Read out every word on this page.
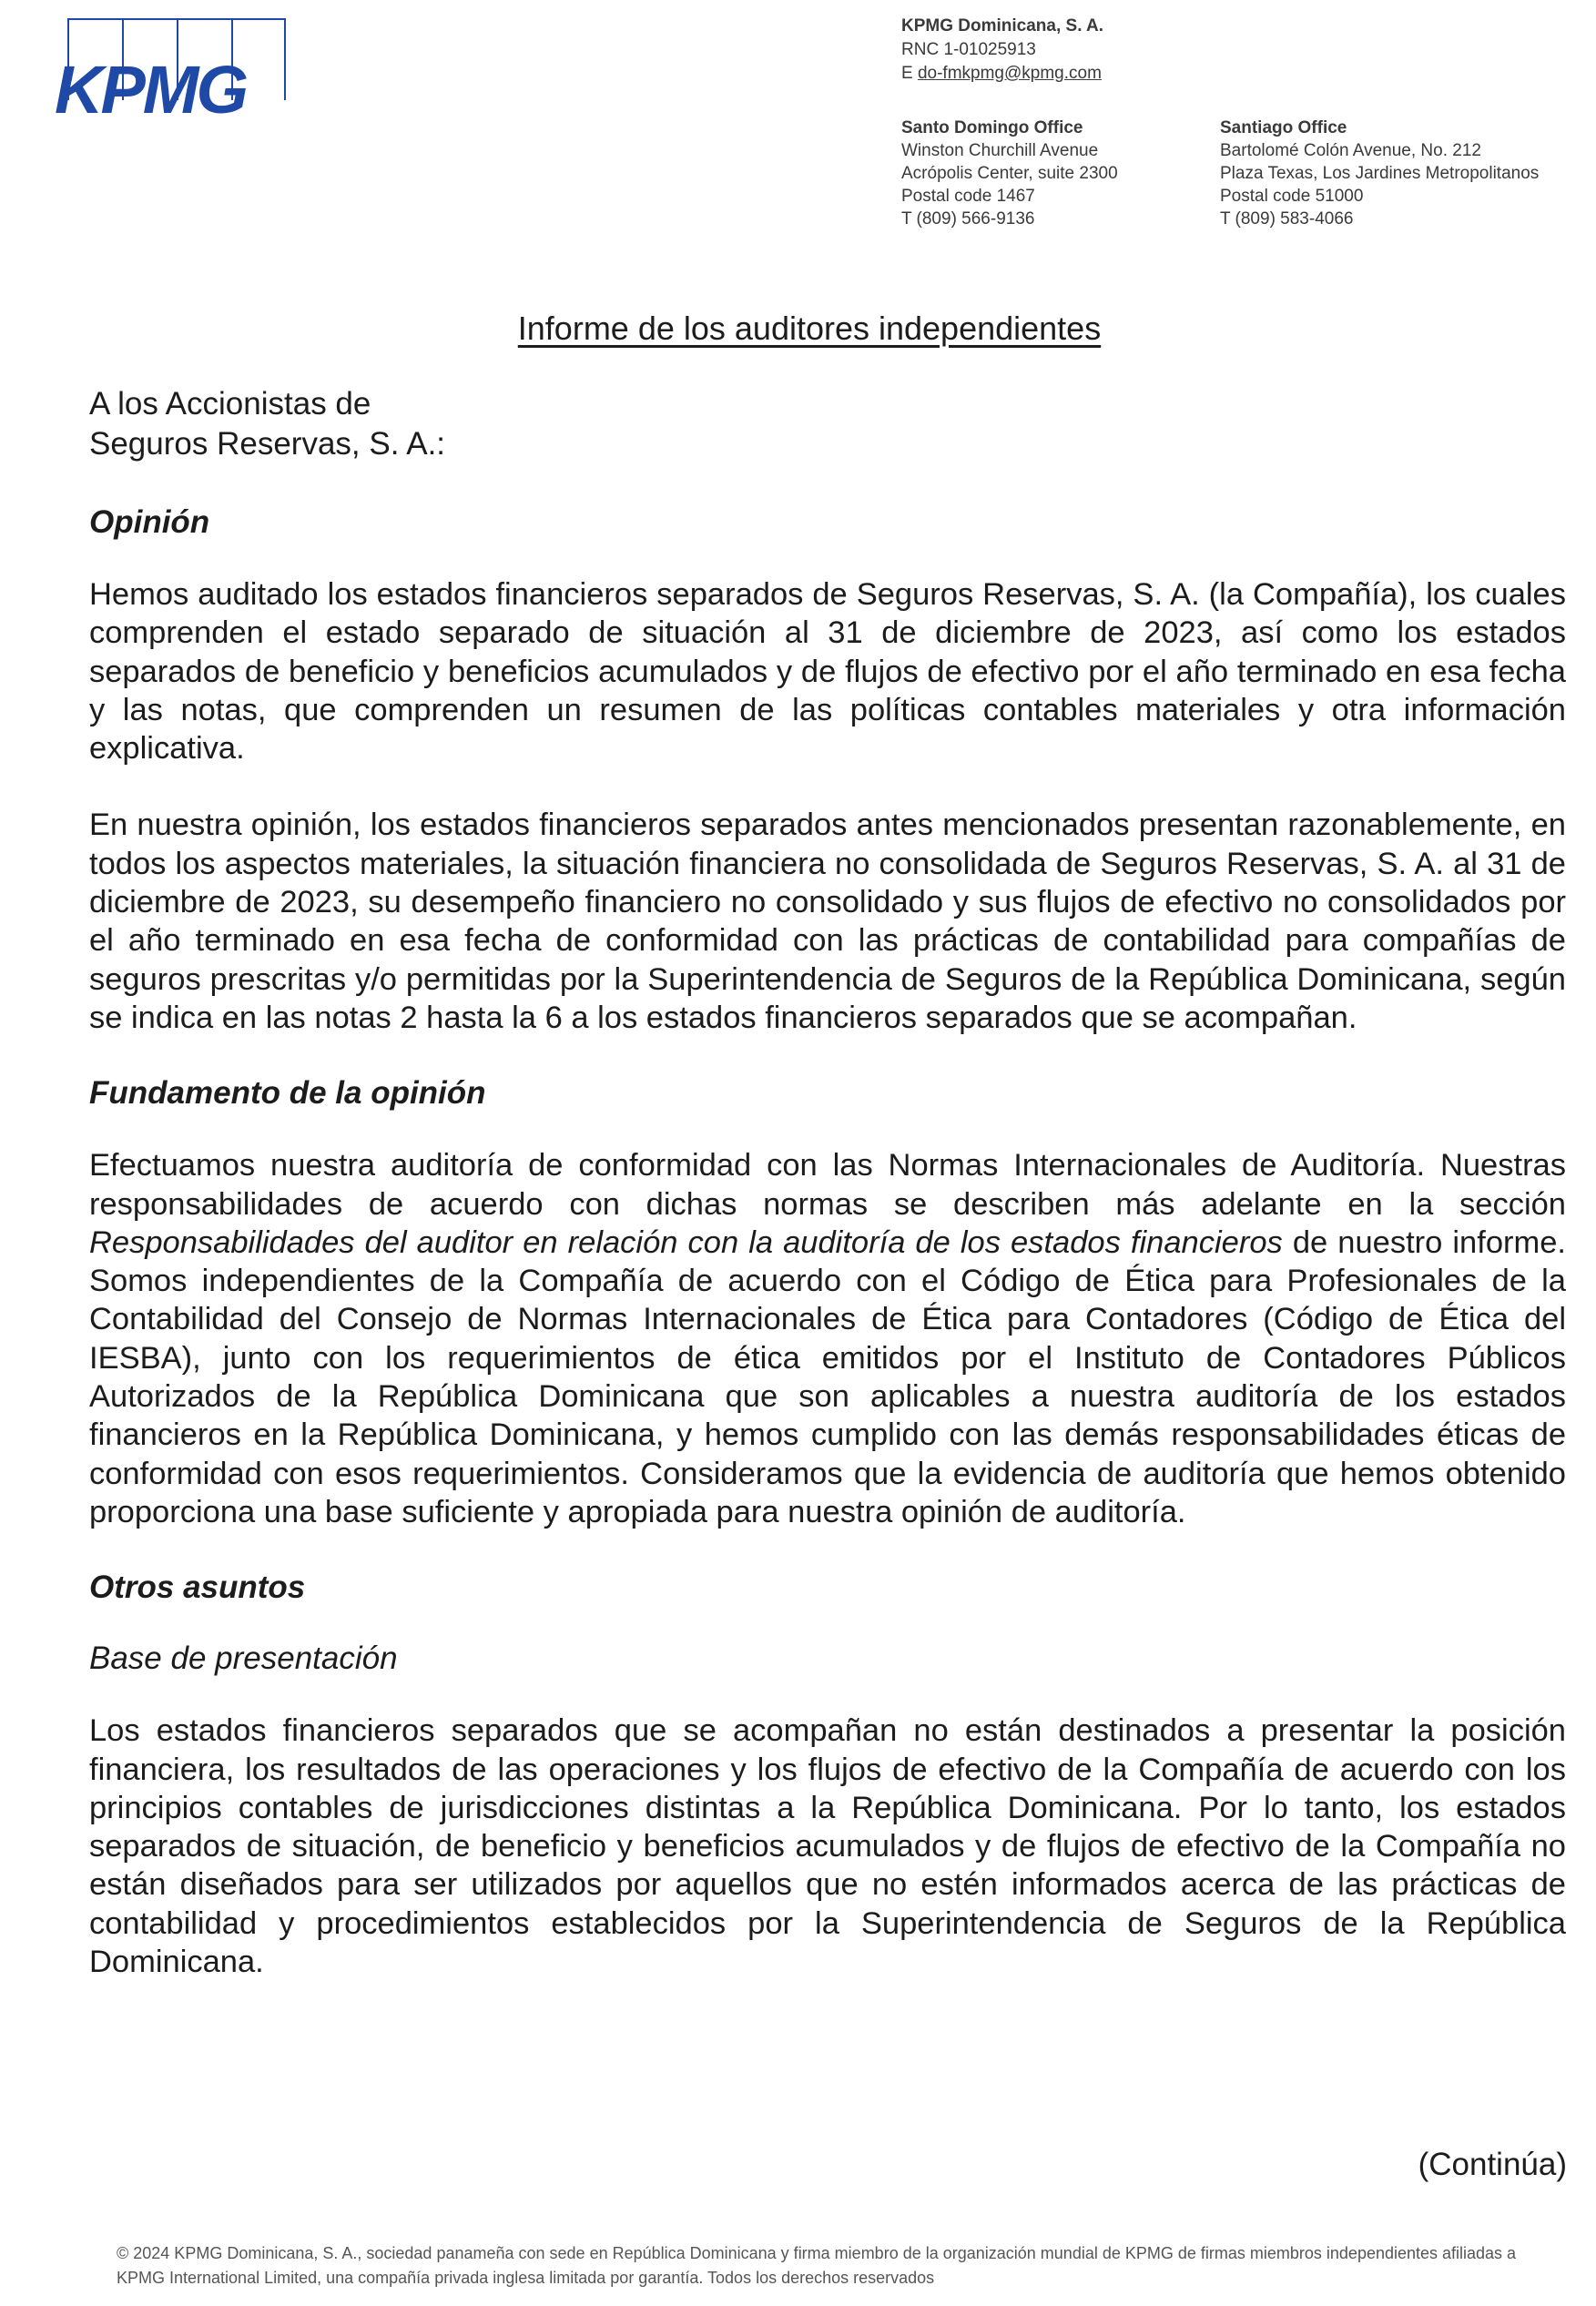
KPMG
KPMG Dominicana, S. A.
RNC 1-01025913
E do-fmkpmg@kpmg.com
Santo Domingo Office
Winston Churchill Avenue
Acrópolis Center, suite 2300
Postal code 1467
T (809) 566-9136
Santiago Office
Bartolomé Colón Avenue, No. 212
Plaza Texas, Los Jardines Metropolitanos
Postal code 51000
T (809) 583-4066
Informe de los auditores independientes
A los Accionistas de
Seguros Reservas, S. A.:
Opinión

Hemos auditado los estados financieros separados de Seguros Reservas, S. A. (la Compañía), los cuales comprenden el estado separado de situación al 31 de diciembre de 2023, así como los estados separados de beneficio y beneficios acumulados y de flujos de efectivo por el año terminado en esa fecha y las notas, que comprenden un resumen de las políticas contables materiales y otra información explicativa.

En nuestra opinión, los estados financieros separados antes mencionados presentan razonablemente, en todos los aspectos materiales, la situación financiera no consolidada de Seguros Reservas, S. A. al 31 de diciembre de 2023, su desempeño financiero no consolidado y sus flujos de efectivo no consolidados por el año terminado en esa fecha de conformidad con las prácticas de contabilidad para compañías de seguros prescritas y/o permitidas por la Superintendencia de Seguros de la República Dominicana, según se indica en las notas 2 hasta la 6 a los estados financieros separados que se acompañan.

Fundamento de la opinión

Efectuamos nuestra auditoría de conformidad con las Normas Internacionales de Auditoría. Nuestras responsabilidades de acuerdo con dichas normas se describen más adelante en la sección Responsabilidades del auditor en relación con la auditoría de los estados financieros de nuestro informe. Somos independientes de la Compañía de acuerdo con el Código de Ética para Profesionales de la Contabilidad del Consejo de Normas Internacionales de Ética para Contadores (Código de Ética del IESBA), junto con los requerimientos de ética emitidos por el Instituto de Contadores Públicos Autorizados de la República Dominicana que son aplicables a nuestra auditoría de los estados financieros en la República Dominicana, y hemos cumplido con las demás responsabilidades éticas de conformidad con esos requerimientos. Consideramos que la evidencia de auditoría que hemos obtenido proporciona una base suficiente y apropiada para nuestra opinión de auditoría.

Otros asuntos
Base de presentación

Los estados financieros separados que se acompañan no están destinados a presentar la posición financiera, los resultados de las operaciones y los flujos de efectivo de la Compañía de acuerdo con los principios contables de jurisdicciones distintas a la República Dominicana. Por lo tanto, los estados separados de situación, de beneficio y beneficios acumulados y de flujos de efectivo de la Compañía no están diseñados para ser utilizados por aquellos que no estén informados acerca de las prácticas de contabilidad y procedimientos establecidos por la Superintendencia de Seguros de la República Dominicana.

(Continúa)
© 2024 KPMG Dominicana, S. A., sociedad panameña con sede en República Dominicana y firma miembro de la organización mundial de KPMG de firmas miembros independientes afiliadas a KPMG International Limited, una compañía privada inglesa limitada por garantía. Todos los derechos reservados
